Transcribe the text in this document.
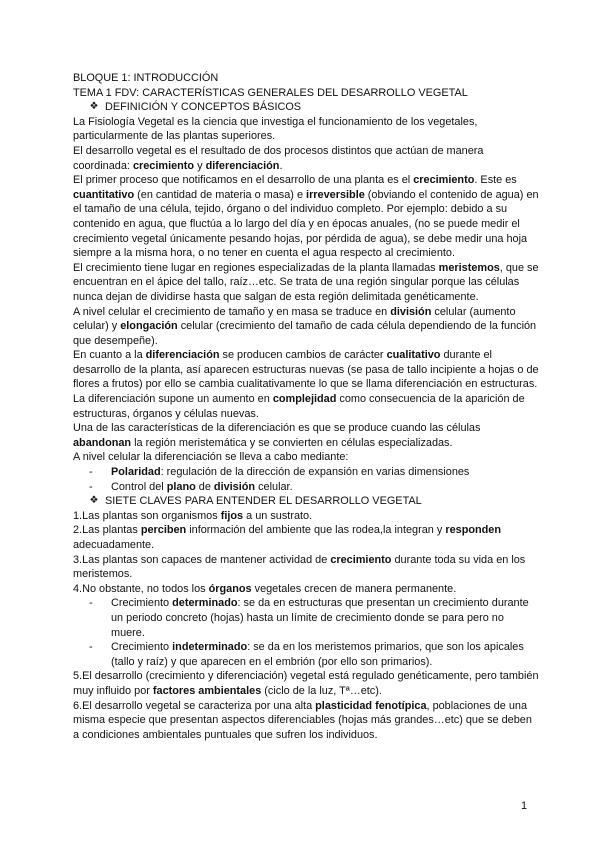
BLOQUE 1: INTRODUCCIÓN
TEMA 1 FDV: CARACTERÍSTICAS GENERALES DEL DESARROLLO VEGETAL
❖ DEFINICIÓN Y CONCEPTOS BÁSICOS
La Fisiología Vegetal es la ciencia que investiga el funcionamiento de los vegetales, particularmente de las plantas superiores.
El desarrollo vegetal es el resultado de dos procesos distintos que actúan de manera coordinada: crecimiento y diferenciación.
El primer proceso que notificamos en el desarrollo de una planta es el crecimiento. Este es cuantitativo (en cantidad de materia o masa) e irreversible (obviando el contenido de agua) en el tamaño de una célula, tejido, órgano o del individuo completo. Por ejemplo: debido a su contenido en agua, que fluctúa a lo largo del día y en épocas anuales, (no se puede medir el crecimiento vegetal únicamente pesando hojas, por pérdida de agua), se debe medir una hoja siempre a la misma hora, o no tener en cuenta el agua respecto al crecimiento.
El crecimiento tiene lugar en regiones especializadas de la planta llamadas meristemos, que se encuentran en el ápice del tallo, raíz…etc. Se trata de una región singular porque las células nunca dejan de dividirse hasta que salgan de esta región delimitada genéticamente.
A nivel celular el crecimiento de tamaño y en masa se traduce en división celular (aumento celular) y elongación celular (crecimiento del tamaño de cada célula dependiendo de la función que desempeñe).
En cuanto a la diferenciación se producen cambios de carácter cualitativo durante el desarrollo de la planta, así aparecen estructuras nuevas (se pasa de tallo incipiente a hojas o de flores a frutos) por ello se cambia cualitativamente lo que se llama diferenciación en estructuras.
La diferenciación supone un aumento en complejidad como consecuencia de la aparición de estructuras, órganos y células nuevas.
Una de las características de la diferenciación es que se produce cuando las células abandonan la región meristemática y se convierten en células especializadas.
A nivel celular la diferenciación se lleva a cabo mediante:
-	Polaridad: regulación de la dirección de expansión en varias dimensiones
-	Control del plano de división celular.
❖ SIETE CLAVES PARA ENTENDER EL DESARROLLO VEGETAL
1.Las plantas son organismos fijos a un sustrato.
2.Las plantas perciben información del ambiente que las rodea,la integran y responden adecuadamente.
3.Las plantas son capaces de mantener actividad de crecimiento durante toda su vida en los meristemos.
4.No obstante, no todos los órganos vegetales crecen de manera permanente.
-	Crecimiento determinado: se da en estructuras que presentan un crecimiento durante un periodo concreto (hojas) hasta un límite de crecimiento donde se para pero no muere.
-	Crecimiento indeterminado: se da en los meristemos primarios, que son los apicales (tallo y raíz) y que aparecen en el embrión (por ello son primarios).
5.El desarrollo (crecimiento y diferenciación) vegetal está regulado genéticamente, pero también muy influido por factores ambientales (ciclo de la luz, Tª…etc).
6.El desarrollo vegetal se caracteriza por una alta plasticidad fenotípica, poblaciones de una misma especie que presentan aspectos diferenciables (hojas más grandes…etc) que se deben a condiciones ambientales puntuales que sufren los individuos.
1
